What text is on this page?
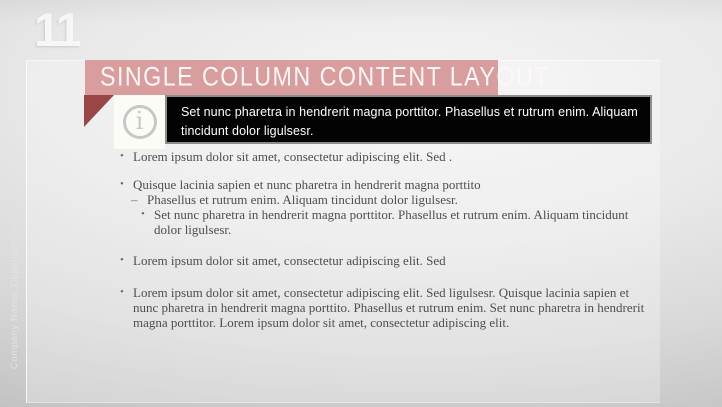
11
Company Name, Copyright 2013
SINGLE COLUMN CONTENT LAYOUT
i	Set nunc pharetra in hendrerit magna porttitor. Phasellus et rutrum enim. Aliquam tincidunt dolor ligulsesr.
• Lorem ipsum dolor sit amet, consectetur adipiscing elit. Sed .
• Quisque lacinia sapien et nunc pharetra in hendrerit magna porttito
– Phasellus et rutrum enim. Aliquam tincidunt dolor ligulsesr.
• Set nunc pharetra in hendrerit magna porttitor. Phasellus et rutrum enim. Aliquam tincidunt dolor ligulsesr.
• Lorem ipsum dolor sit amet, consectetur adipiscing elit. Sed
• Lorem ipsum dolor sit amet, consectetur adipiscing elit. Sed ligulsesr. Quisque lacinia sapien et nunc pharetra in hendrerit magna porttito. Phasellus et rutrum enim. Set nunc pharetra in hendrerit magna porttitor. Lorem ipsum dolor sit amet, consectetur adipiscing elit.
